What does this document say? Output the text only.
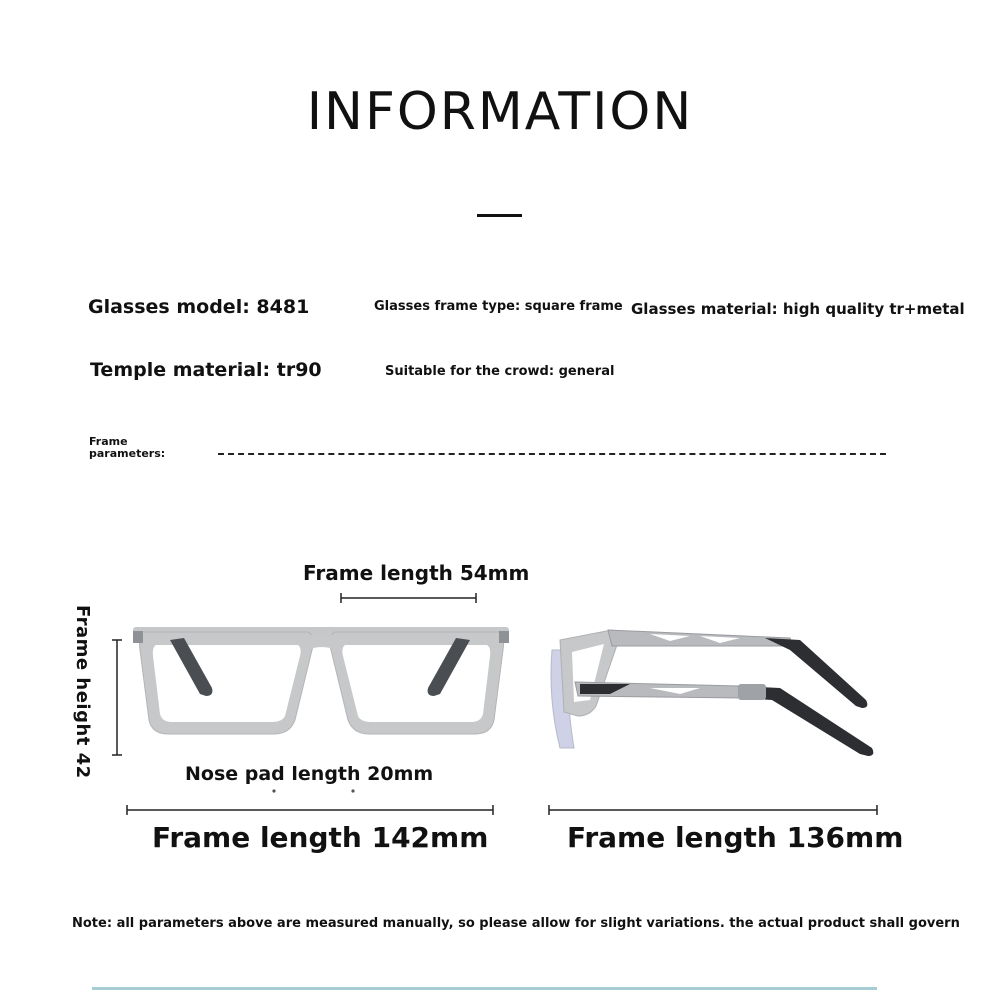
INFORMATION
Glasses model: 8481	Glasses frame type: square frame Glasses material: high quality tr+metal
Temple material: tr90	Suitable for the crowd: general
Frame
parameters:
Frame length 54mm
Frame height 42	Nose pad length 20mm
Frame length 142mm	Frame length 136mm
Note: all parameters above are measured manually, so please allow for slight variations. the actual product shall govern
